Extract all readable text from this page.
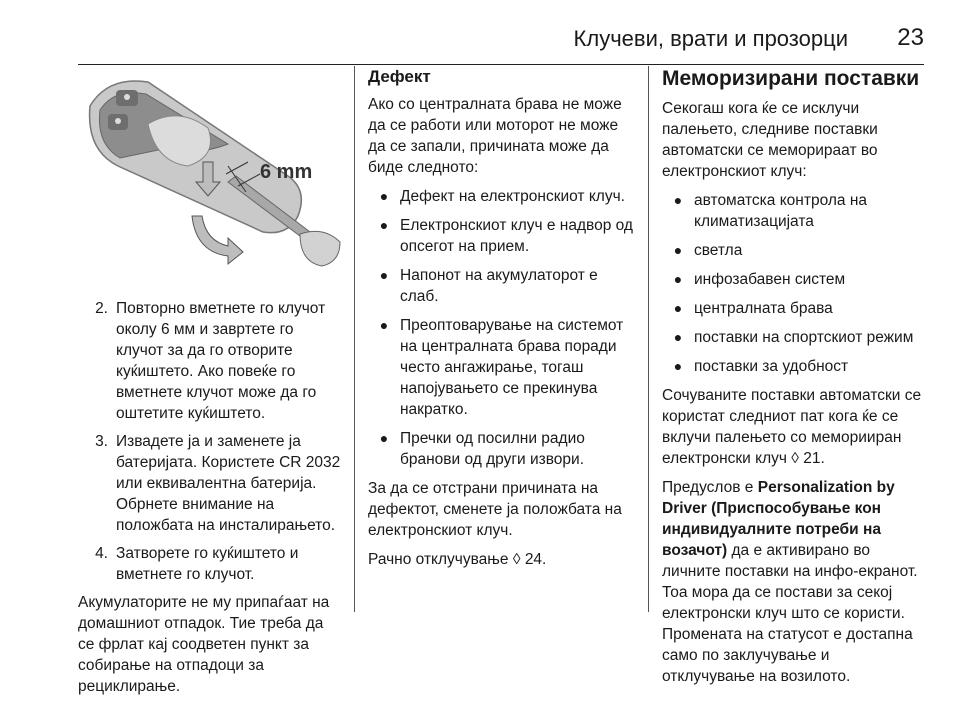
Клучеви, врати и прозорци 23
6 mm
2. Повторно вметнете го клучот околу 6 мм и завртете го клучот за да го отворите куќиштето. Ако повеќе го вметнете клучот може да го оштетите куќиштето.
3. Извадете ја и заменете ја батеријата. Користете CR 2032 или еквивалентна батерија. Обрнете внимание на положбата на инсталирањето.
4. Затворете го куќиштето и вметнете го клучот.

Акумулаторите не му припаѓаат на домашниот отпадок. Тие треба да се фрлат кај соодветен пункт за собирање на отпадоци за рециклирање.

Дефект

Ако со централната брава не може да се работи или моторот не може да се запали, причината може да биде следното:

● Дефект на електронскиот клуч.
● Електронскиот клуч е надвор од опсегот на прием.
● Напонот на акумулаторот е слаб.
● Преоптоварување на системот на централната брава поради често ангажирање, тогаш напојувањето се прекинува накратко.
● Пречки од посилни радио бранови од други извори.

За да се отстрани причината на дефектот, сменете ја положбата на електронскиот клуч.

Рачно отклучување ◊ 24.

Меморизирани поставки

Секогаш кога ќе се исклучи палењето, следниве поставки автоматски се меморираат во електронскиот клуч:

● автоматска контрола на климатизацијата
● светла
● инфозабавен систем
● централната брава
● поставки на спортскиот режим
● поставки за удобност

Сочуваните поставки автоматски се користат следниот пат кога ќе се вклучи палењето со меморииран електронски клуч ◊ 21.

Предуслов е Personalization by Driver (Приспособување кон индивидуалните потреби на возачот) да е активирано во личните поставки на инфо-екранот. Тоа мора да се постави за секој електронски клуч што се користи. Промената на статусот е достапна само по заклучување и отклучување на возилото.
